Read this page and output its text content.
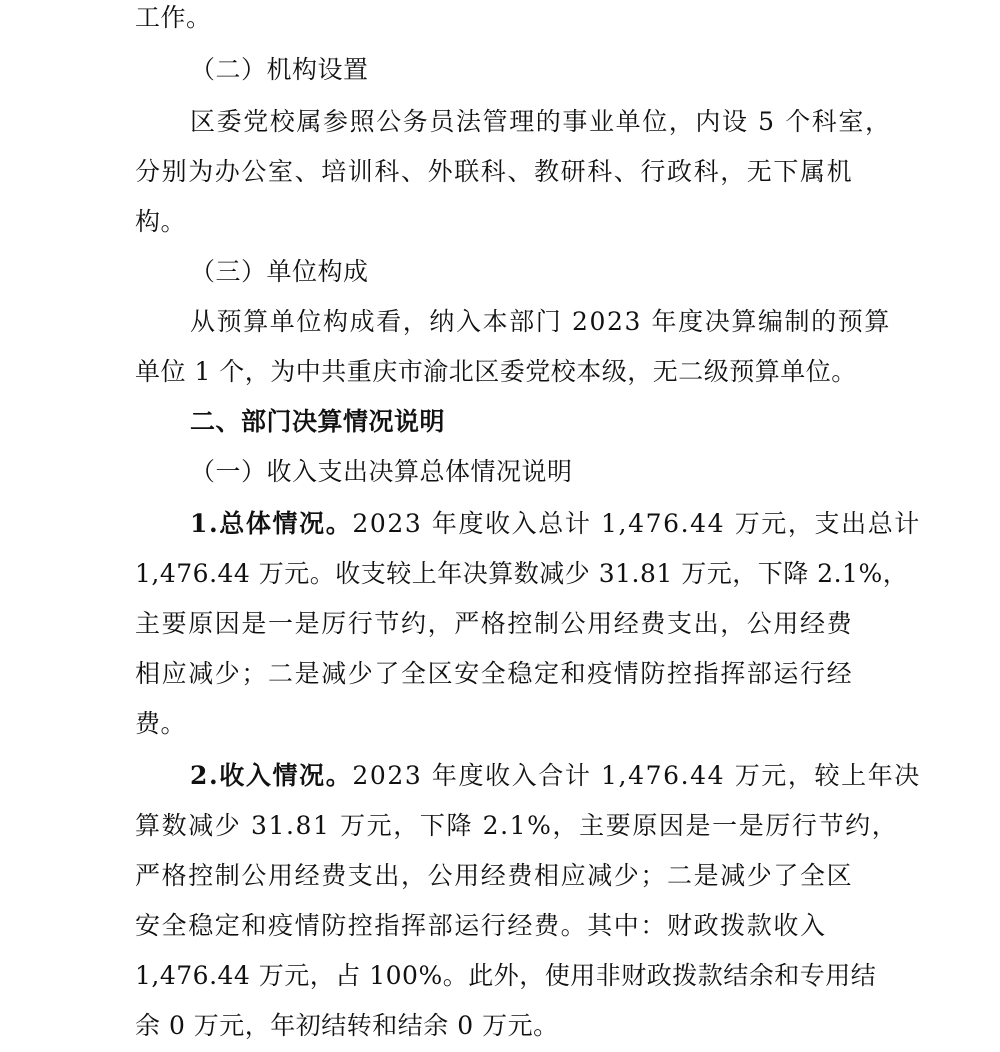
工作。
（二）机构设置
区委党校属参照公务员法管理的事业单位，内设 5 个科室，
分别为办公室、培训科、外联科、教研科、行政科，无下属机
构。
（三）单位构成
从预算单位构成看，纳入本部门 2023 年度决算编制的预算
单位 1 个，为中共重庆市渝北区委党校本级，无二级预算单位。
二、部门决算情况说明
（一）收入支出决算总体情况说明
1.总体情况。2023 年度收入总计 1,476.44 万元，支出总计
1,476.44 万元。收支较上年决算数减少 31.81 万元，下降 2.1%，
主要原因是一是厉行节约，严格控制公用经费支出，公用经费
相应减少；二是减少了全区安全稳定和疫情防控指挥部运行经
费。
2.收入情况。2023 年度收入合计 1,476.44 万元，较上年决
算数减少 31.81 万元，下降 2.1%，主要原因是一是厉行节约，
严格控制公用经费支出，公用经费相应减少；二是减少了全区
安全稳定和疫情防控指挥部运行经费。其中：财政拨款收入
1,476.44 万元，占 100%。此外，使用非财政拨款结余和专用结
余 0 万元，年初结转和结余 0 万元。
